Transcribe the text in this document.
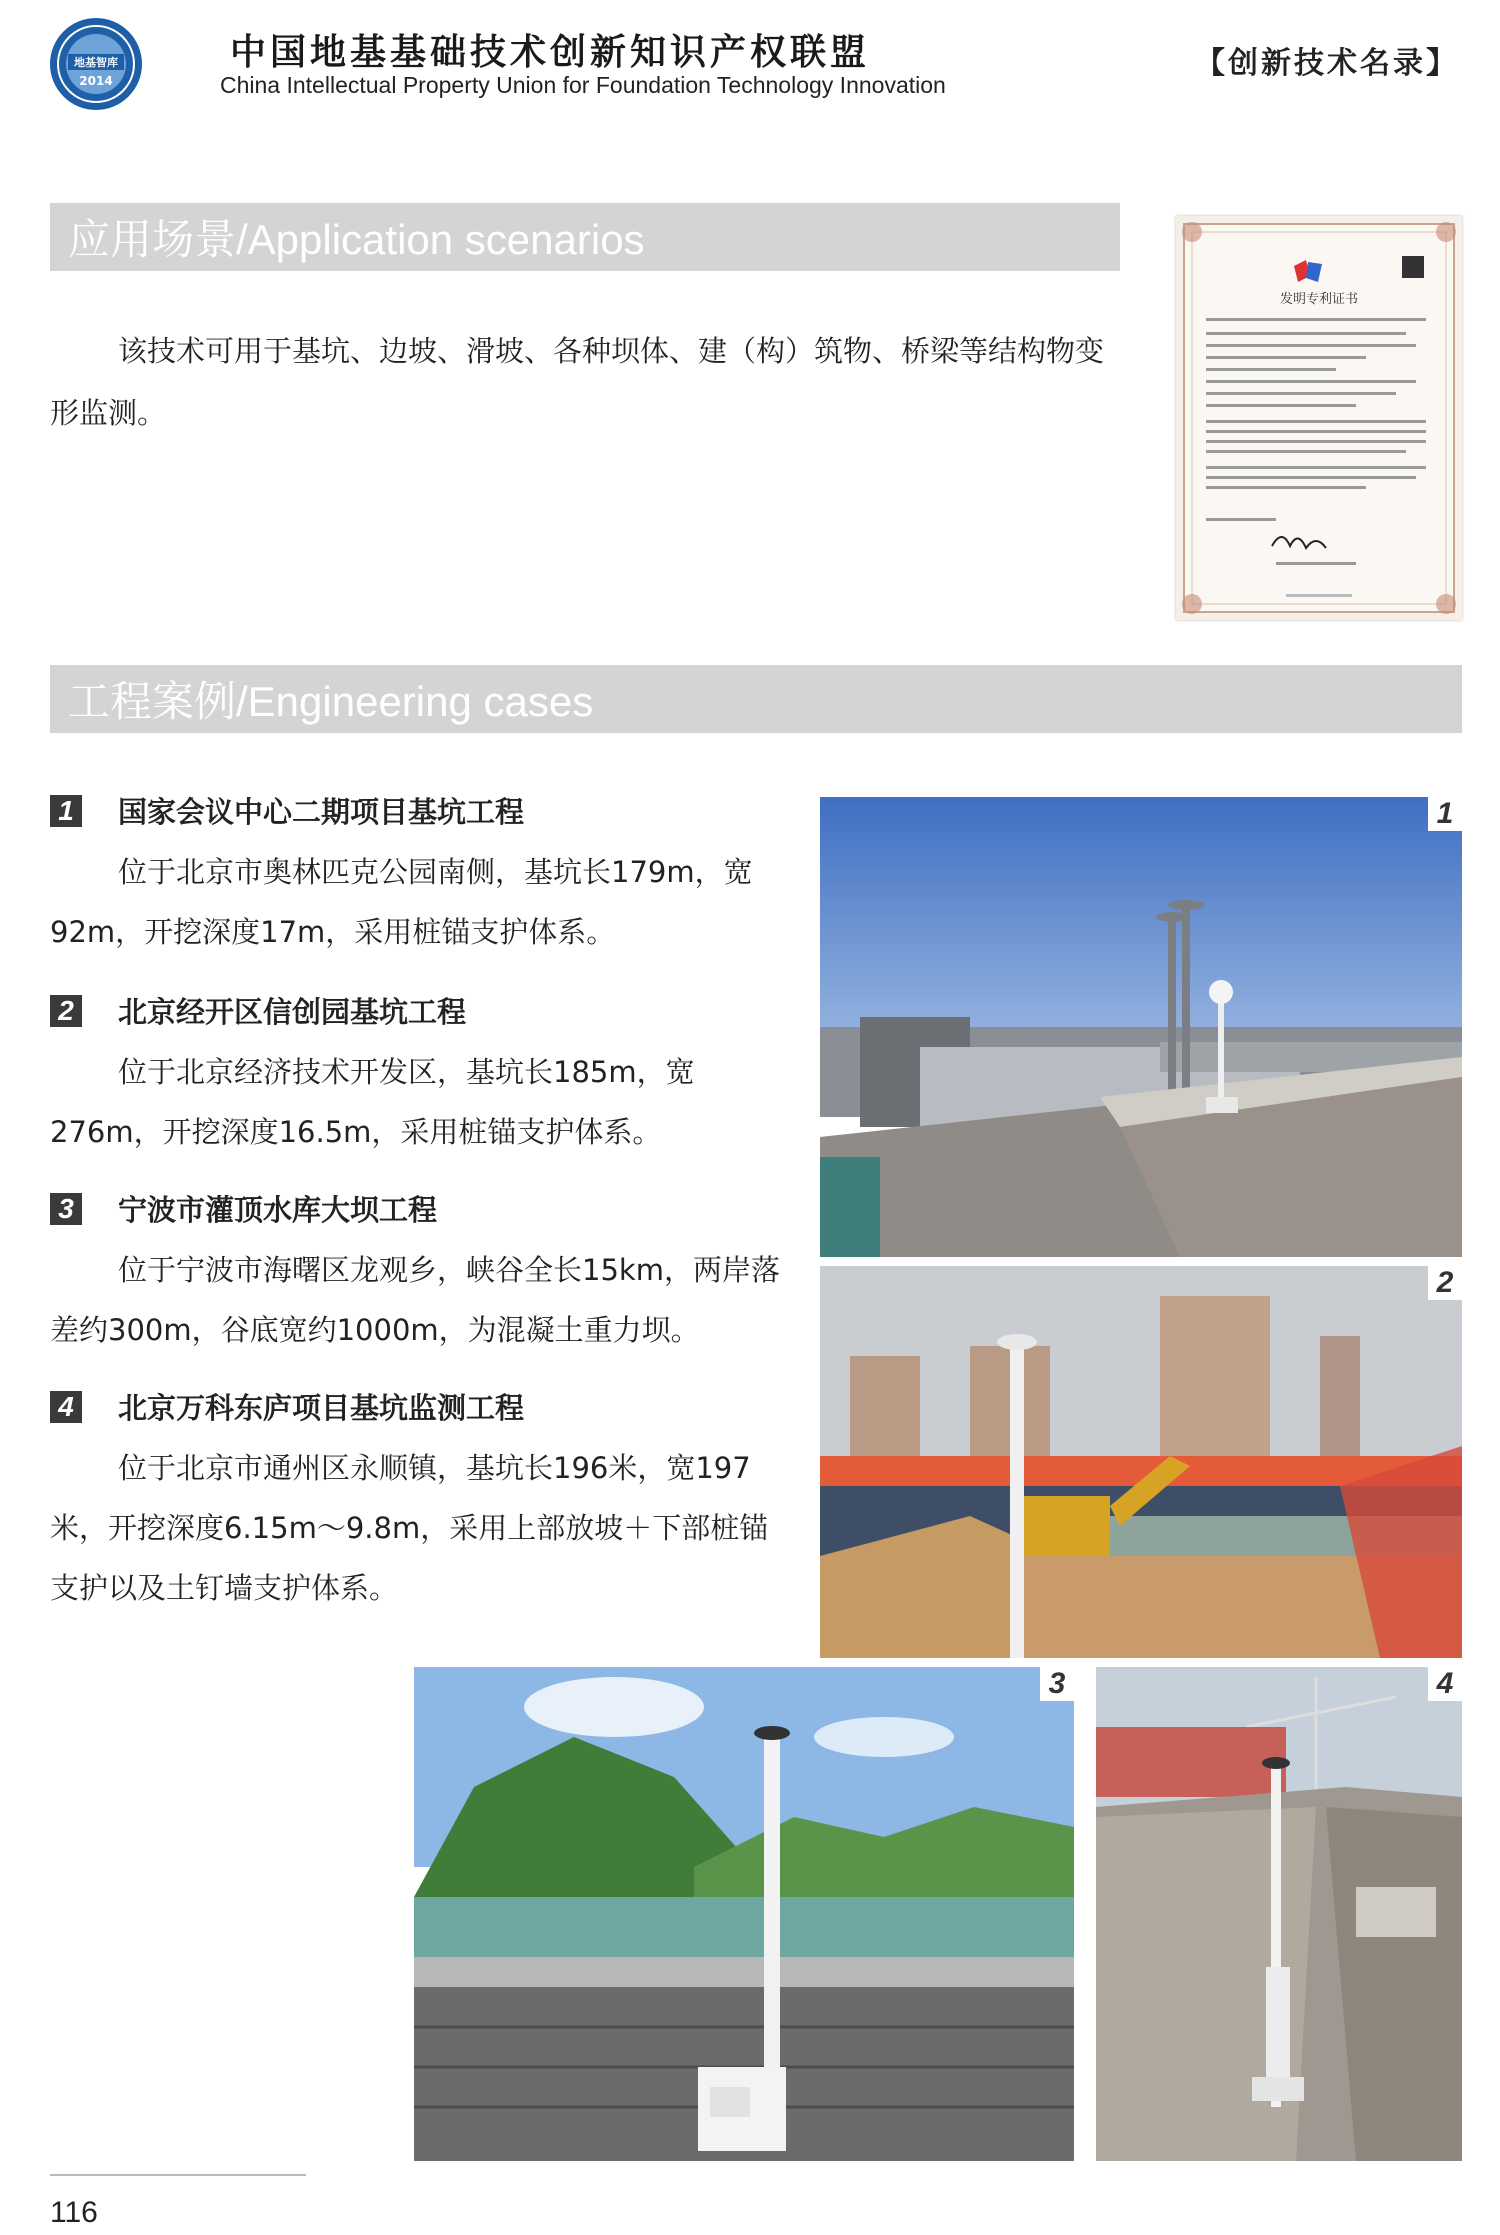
地基智库
2014
中国地基基础技术创新知识产权联盟
China Intellectual Property Union for Foundation Technology Innovation
【创新技术名录】
应用场景/Application scenarios
该技术可用于基坑、边坡、滑坡、各种坝体、建（构）筑物、桥梁等结构物变形监测。
发明专利证书
工程案例/Engineering cases
1 国家会议中心二期项目基坑工程
位于北京市奥林匹克公园南侧，基坑长179m，宽92m，开挖深度17m，采用桩锚支护体系。
2 北京经开区信创园基坑工程
位于北京经济技术开发区，基坑长185m，宽276m，开挖深度16.5m，采用桩锚支护体系。
3 宁波市灌顶水库大坝工程
位于宁波市海曙区龙观乡，峡谷全长15km，两岸落差约300m，谷底宽约1000m，为混凝土重力坝。
4 北京万科东庐项目基坑监测工程
位于北京市通州区永顺镇，基坑长196米，宽197米，开挖深度6.15m～9.8m，采用上部放坡＋下部桩锚支护以及土钉墙支护体系。
1
2
3	4
116
